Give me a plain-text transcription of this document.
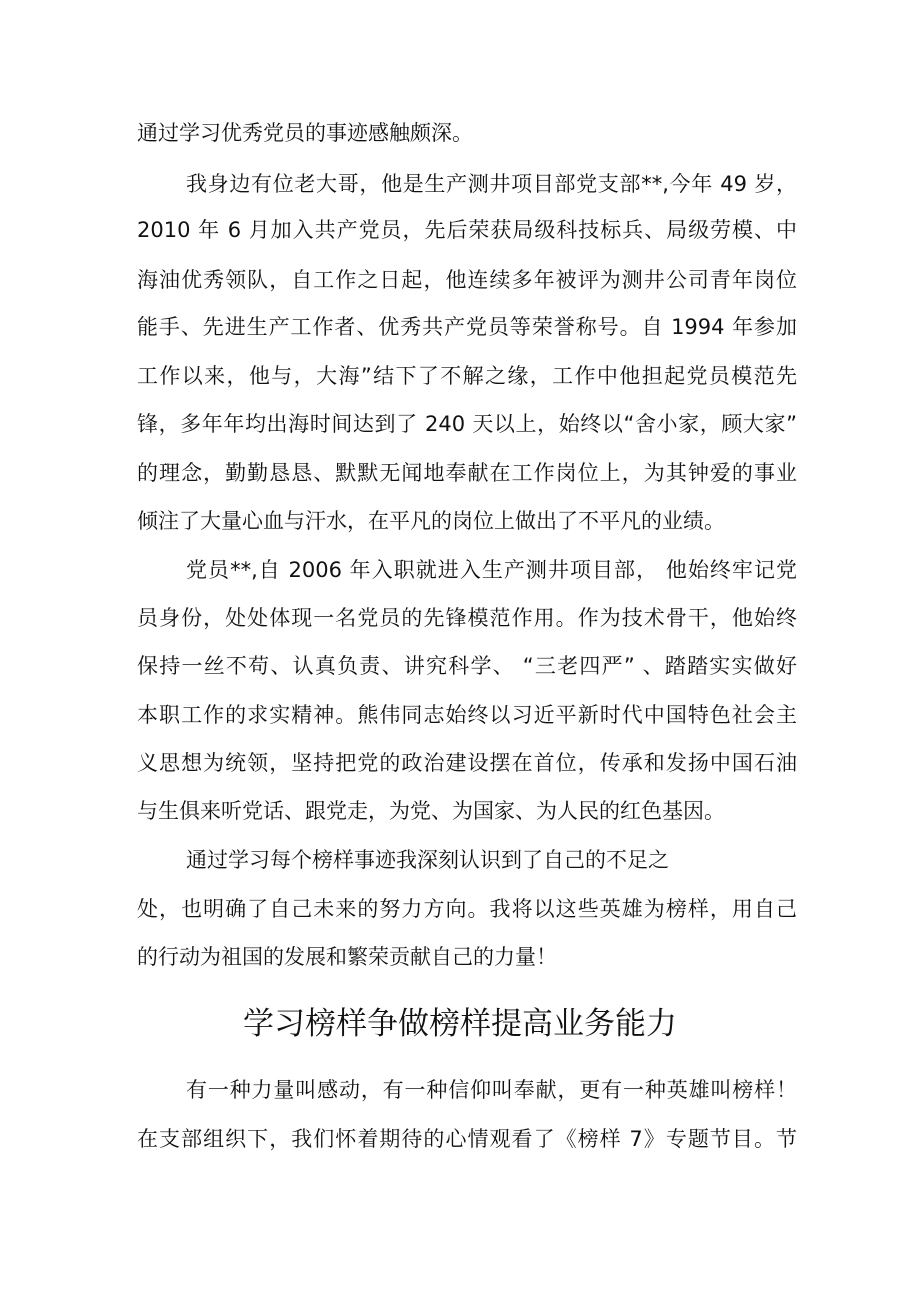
通过学习优秀党员的事迹感触颇深。
我身边有位老大哥，他是生产测井项目部党支部**,今年 49 岁，
2010 年 6 月加入共产党员，先后荣获局级科技标兵、局级劳模、中
海油优秀领队，自工作之日起，他连续多年被评为测井公司青年岗位
能手、先进生产工作者、优秀共产党员等荣誉称号。自 1994 年参加
工作以来，他与，大海”结下了不解之缘，工作中他担起党员模范先
锋，多年年均出海时间达到了 240 天以上，始终以“舍小家，顾大家”
的理念，勤勤恳恳、默默无闻地奉献在工作岗位上，为其钟爱的事业
倾注了大量心血与汗水，在平凡的岗位上做出了不平凡的业绩。
党员**,自 2006 年入职就进入生产测井项目部， 他始终牢记党
员身份，处处体现一名党员的先锋模范作用。作为技术骨干，他始终
保持一丝不苟、认真负责、讲究科学、 “三老四严” 、踏踏实实做好
本职工作的求实精神。熊伟同志始终以习近平新时代中国特色社会主
义思想为统领，坚持把党的政治建设摆在首位，传承和发扬中国石油
与生俱来听党话、跟党走，为党、为国家、为人民的红色基因。
通过学习每个榜样事迹我深刻认识到了自己的不足之
处，也明确了自己未来的努力方向。我将以这些英雄为榜样，用自己
的行动为祖国的发展和繁荣贡献自己的力量！
学习榜样争做榜样提高业务能力
有一种力量叫感动，有一种信仰叫奉献，更有一种英雄叫榜样！
在支部组织下，我们怀着期待的心情观看了《榜样 7》专题节目。节
